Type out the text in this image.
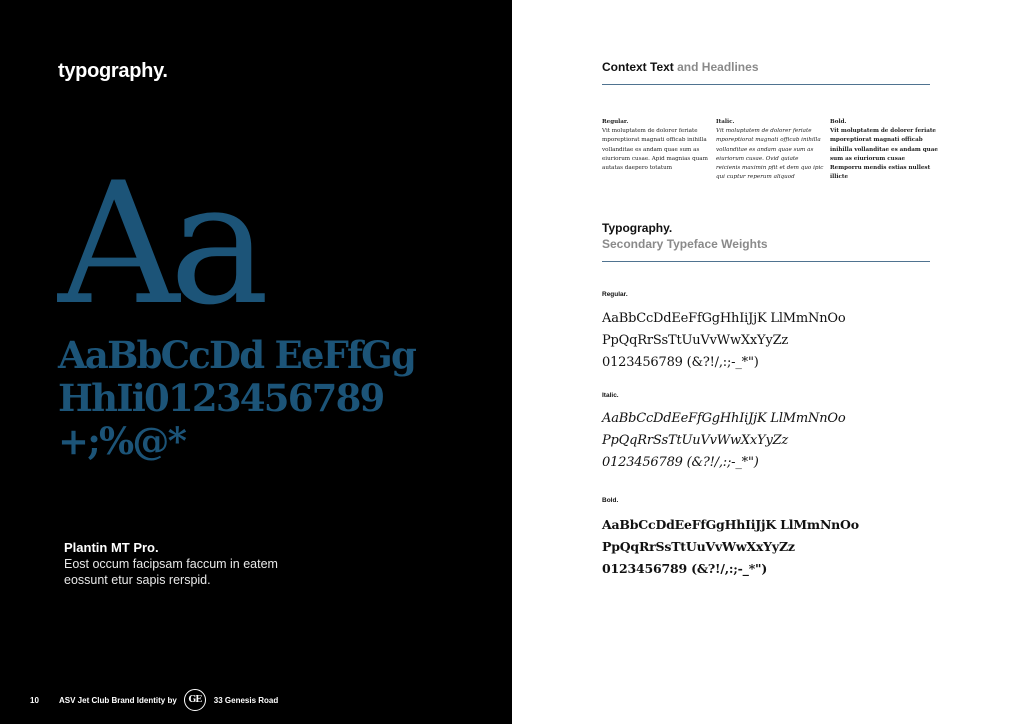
typography.
Aa
AaBbCcDd EeFfGg
HhIi0123456789
+;%@*
Plantin MT Pro.
Eost occum facipsam faccum in eatem eossunt etur sapis rerspid.
10	ASV Jet Club Brand Identity by GE 33 Genesis Road
Context Text and Headlines
Regular.
Vit moluptatem de dolorer feriate mporeptiorat magnati officab inihilla vollanditae es andam quae sum as eiuriorum cusae. Apid magnias quam autatas daepero totatum
Italic.
Vit moluptatem de dolorer feriate mporeptiorat magnati officab inihilla vollanditae es andam quae sum as eiuriorum cusae. Ovid quiate reicienis maximin pfit et dem quo ipic qui cuptur reperum aliquod
Bold.
Vit moluptatem de dolorer feriate mporeptiorat magnati officab inihilla vollanditae es andam quae sum as eiuriorum cusae Remporru mendis estias nullest illicte
Typography.
Secondary Typeface Weights
Regular.
AaBbCcDdEeFfGgHhIiJjK LlMmNnOo
PpQqRrSsTtUuVvWwXxYyZz
0123456789 (&?!/,:;-_*")
Italic.
AaBbCcDdEeFfGgHhIiJjK LlMmNnOo
PpQqRrSsTtUuVvWwXxYyZz
0123456789 (&?!/,:;-_*")
Bold.
AaBbCcDdEeFfGgHhIiJjK LlMmNnOo
PpQqRrSsTtUuVvWwXxYyZz
0123456789 (&?!/,:;-_*")
